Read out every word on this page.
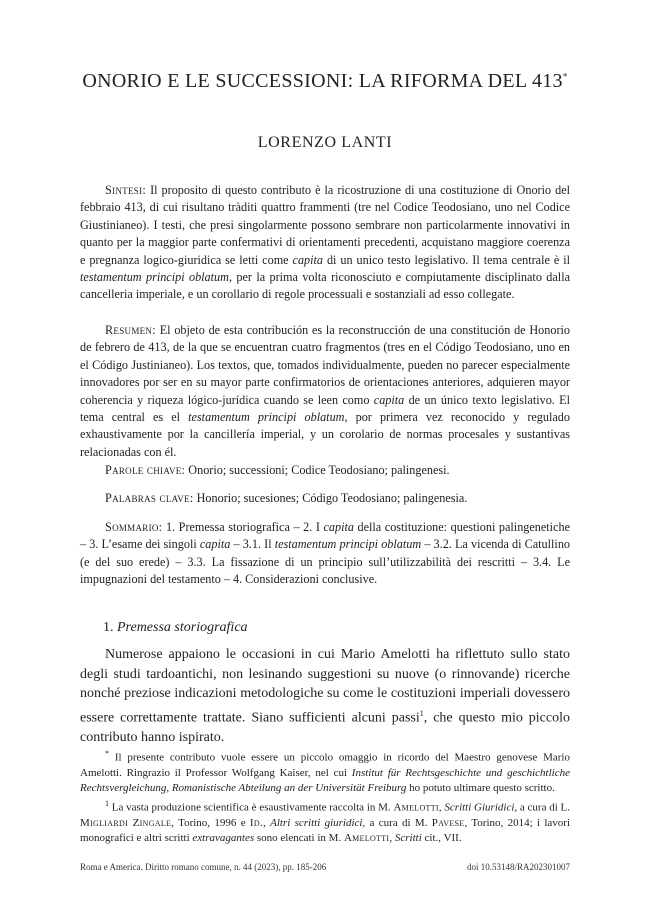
ONORIO E LE SUCCESSIONI: LA RIFORMA DEL 413*
LORENZO LANTI
Sintesi: Il proposito di questo contributo è la ricostruzione di una costituzione di Onorio del febbraio 413, di cui risultano tràditi quattro frammenti (tre nel Codice Teodosiano, uno nel Codice Giustinianeo). I testi, che presi singolarmente possono sembrare non particolarmente innovativi in quanto per la maggior parte confermativi di orientamenti precedenti, acquistano maggiore coerenza e pregnanza logico-giuridica se letti come capita di un unico testo legislativo. Il tema centrale è il testamentum principi oblatum, per la prima volta riconosciuto e compiutamente disciplinato dalla cancelleria imperiale, e un corollario di regole processuali e sostanziali ad esso collegate.
Resumen: El objeto de esta contribución es la reconstrucción de una constitución de Honorio de febrero de 413, de la que se encuentran cuatro fragmentos (tres en el Código Teodosiano, uno en el Código Justinianeo). Los textos, que, tomados individualmente, pueden no parecer especialmente innovadores por ser en su mayor parte confirmatorios de orientaciones anteriores, adquieren mayor coherencia y riqueza lógico-jurídica cuando se leen como capita de un único texto legislativo. El tema central es el testamentum principi oblatum, por primera vez reconocido y regulado exhaustivamente por la cancillería imperial, y un corolario de normas procesales y sustantivas relacionadas con él.
Parole chiave: Onorio; successioni; Codice Teodosiano; palingenesi.
Palabras clave: Honorio; sucesiones; Código Teodosiano; palingenesia.
Sommario: 1. Premessa storiografica – 2. I capita della costituzione: questioni palingenetiche – 3. L’esame dei singoli capita – 3.1. Il testamentum principi oblatum – 3.2. La vicenda di Catullino (e del suo erede) – 3.3. La fissazione di un principio sull’utilizzabilità dei rescritti – 3.4. Le impugnazioni del testamento – 4. Considerazioni conclusive.
1. Premessa storiografica
Numerose appaiono le occasioni in cui Mario Amelotti ha riflettuto sullo stato degli studi tardoantichi, non lesinando suggestioni su nuove (o rinnovande) ricerche nonché preziose indicazioni metodologiche su come le costituzioni imperiali dovessero essere correttamente trattate. Siano sufficienti alcuni passi$^1$, che questo mio piccolo contributo hanno ispirato.

* Il presente contributo vuole essere un piccolo omaggio in ricordo del Maestro genovese Mario Amelotti. Ringrazio il Professor Wolfgang Kaiser, nel cui Institut für Rechtsgeschichte und geschichtliche Rechtsvergleichung, Romanistische Abteilung an der Universität Freiburg ho potuto ultimare questo scritto.

$^1$ La vasta produzione scientifica è esaustivamente raccolta in M. Amelotti, Scritti Giuridici, a cura di L. Migliardi Zingale, Torino, 1996 e Id., Altri scritti giuridici, a cura di M. Pavese, Torino, 2014; i lavori monografici e altri scritti extravagantes sono elencati in M. Amelotti, Scritti cit., VII.

Roma e America. Diritto romano comune, n. 44 (2023), pp. 185-206	doi 10.53148/RA202301007
